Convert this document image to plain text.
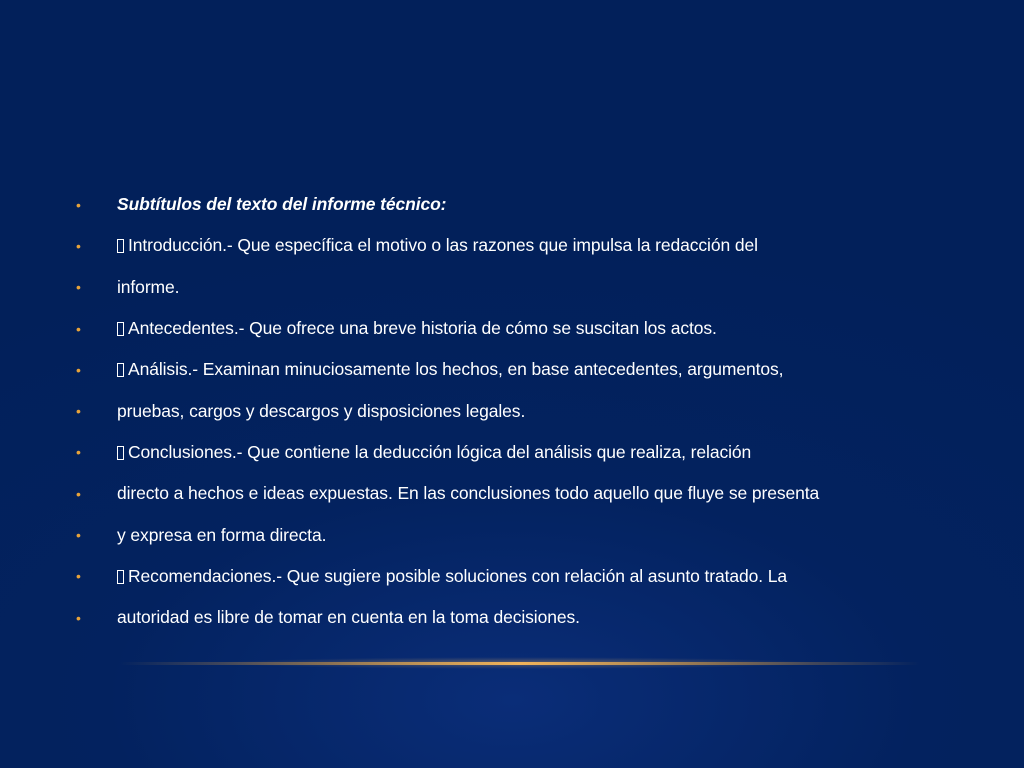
• Subtítulos del texto del informe técnico:
•	Introducción.- Que específica el motivo o las razones que impulsa la redacción del
• informe.
•	Antecedentes.- Que ofrece una breve historia de cómo se suscitan los actos.
•	Análisis.- Examinan minuciosamente los hechos, en base antecedentes, argumentos,
• pruebas, cargos y descargos y disposiciones legales.
•	Conclusiones.- Que contiene la deducción lógica del análisis que realiza, relación
• directo a hechos e ideas expuestas. En las conclusiones todo aquello que fluye se presenta
• y expresa en forma directa.
•	Recomendaciones.- Que sugiere posible soluciones con relación al asunto tratado. La
• autoridad es libre de tomar en cuenta en la toma decisiones.
